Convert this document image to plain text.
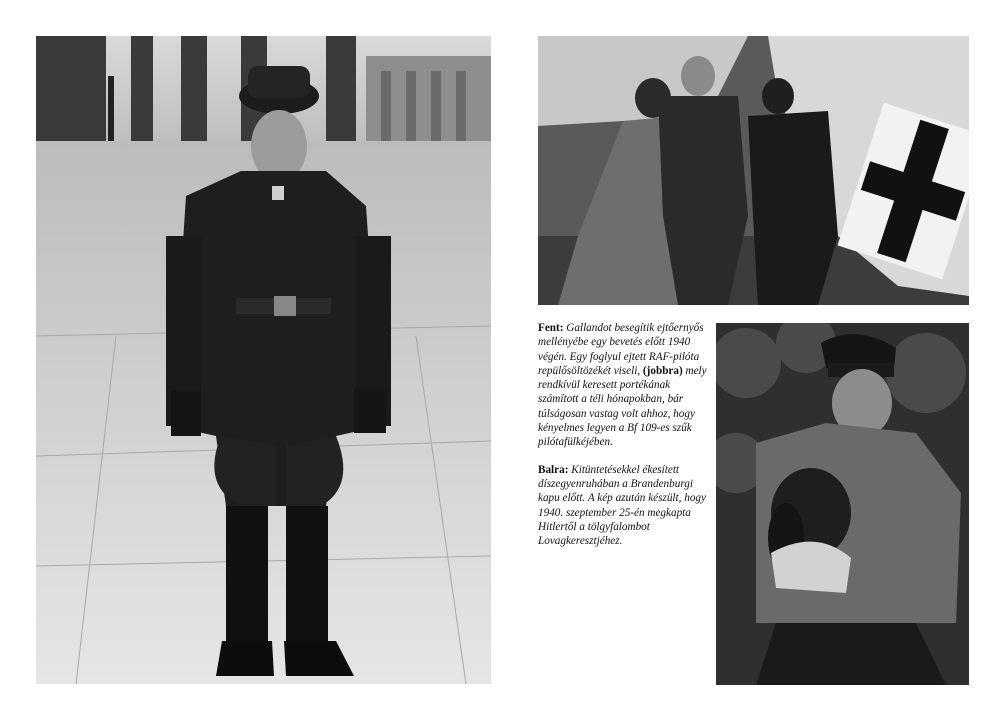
Fent: Gallandot besegítik ejtőernyős mellényébe egy bevetés előtt 1940 végén. Egy foglyul ejtett RAF-pilóta repülősöltözékét viseli, (jobbra) mely rendkívül keresett portékának számított a téli hónapokban, bár túlságosan vastag volt ahhoz, hogy kényelmes legyen a Bf 109-es szűk pilótafülkéjében.

Balra: Kitüntetésekkel ékesített díszegyenruhában a Brandenburgi kapu előtt. A kép azután készült, hogy 1940. szeptember 25-én megkapta Hitlertől a tölgyfalombot Lovagkeresztjéhez.
